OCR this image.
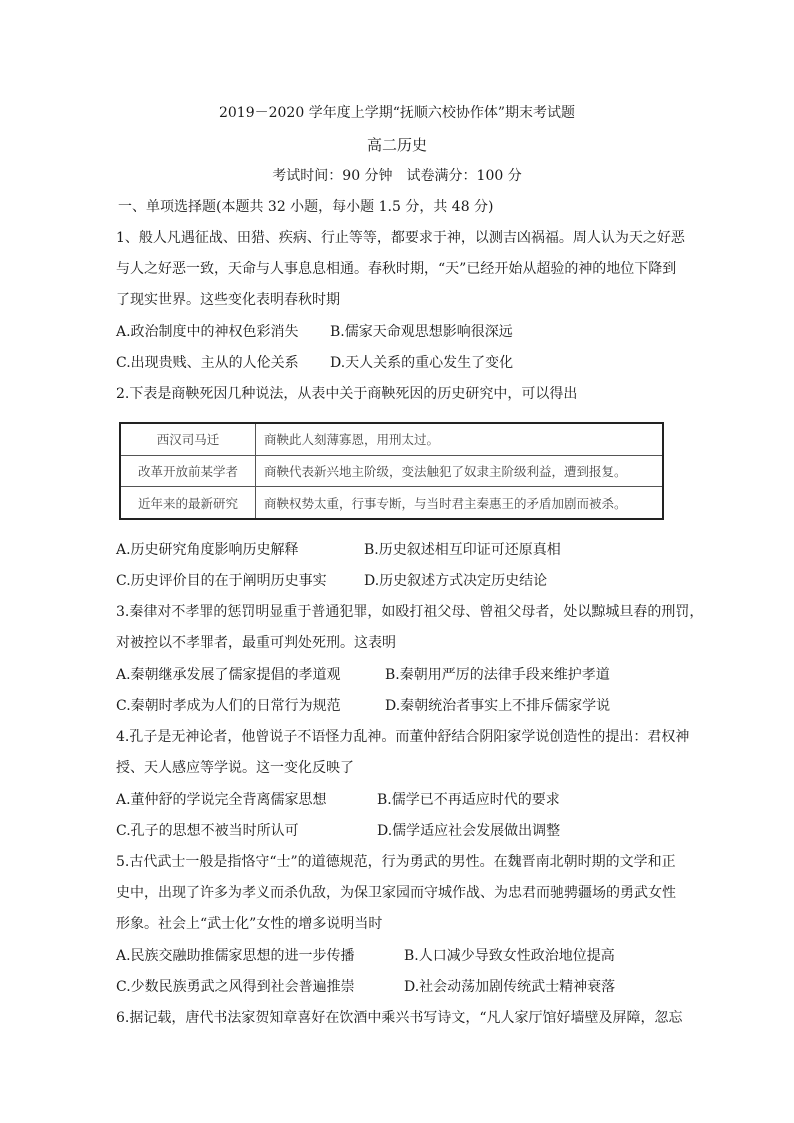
2019－2020 学年度上学期“抚顺六校协作体”期末考试题
高二历史
考试时间：90 分钟　试卷满分：100 分
一、单项选择题(本题共 32 小题，每小题 1.5 分，共 48 分)
1、般人凡遇征战、田猎、疾病、行止等等，都要求于神，以测吉凶祸福。周人认为天之好恶
与人之好恶一致，天命与人事息息相通。春秋时期，“天”已经开始从超验的神的地位下降到
了现实世界。这些变化表明春秋时期
A.政治制度中的神权色彩消失 B.儒家天命观思想影响很深远
C.出现贵贱、主从的人伦关系 D.天人关系的重心发生了变化
2.下表是商鞅死因几种说法，从表中关于商鞅死因的历史研究中，可以得出
西汉司马迁	商鞅此人刻薄寡恩，用刑太过。
改革开放前某学者	商鞅代表新兴地主阶级，变法触犯了奴隶主阶级利益，遭到报复。
近年来的最新研究	商鞅权势太重，行事专断，与当时君主秦惠王的矛盾加剧而被杀。
A.历史研究角度影响历史解释	B.历史叙述相互印证可还原真相
C.历史评价目的在于阐明历史事实	D.历史叙述方式决定历史结论
3.秦律对不孝罪的惩罚明显重于普通犯罪，如殴打祖父母、曾祖父母者，处以黥城旦舂的刑罚，
对被控以不孝罪者，最重可判处死刑。这表明
A.秦朝继承发展了儒家提倡的孝道观	B.秦朝用严厉的法律手段来维护孝道
C.秦朝时孝成为人们的日常行为规范	D.秦朝统治者事实上不排斥儒家学说
4.孔子是无神论者，他曾说子不语怪力乱神。而董仲舒结合阴阳家学说创造性的提出：君权神
授、天人感应等学说。这一变化反映了
A.董仲舒的学说完全背离儒家思想	B.儒学已不再适应时代的要求
C.孔子的思想不被当时所认可	D.儒学适应社会发展做出调整
5.古代武士一般是指恪守“士”的道德规范，行为勇武的男性。在魏晋南北朝时期的文学和正
史中，出现了许多为孝义而杀仇敌，为保卫家园而守城作战、为忠君而驰骋疆场的勇武女性
形象。社会上“武士化”女性的增多说明当时
A.民族交融助推儒家思想的进一步传播	B.人口减少导致女性政治地位提高
C.少数民族勇武之风得到社会普遍推崇	D.社会动荡加剧传统武士精神衰落
6.据记载，唐代书法家贺知章喜好在饮酒中乘兴书写诗文，“凡人家厅馆好墙壁及屏障，忽忘
